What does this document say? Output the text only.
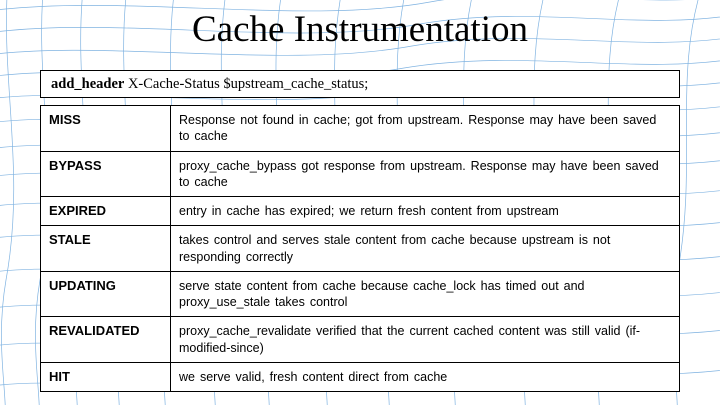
Cache Instrumentation
add_header X-Cache-Status $upstream_cache_status;
MISS	Response not found in cache; got from upstream. Response may have been saved to cache
BYPASS	proxy_cache_bypass got response from upstream. Response may have been saved to cache
EXPIRED	entry in cache has expired; we return fresh content from upstream
STALE	takes control and serves stale content from cache because upstream is not responding correctly
UPDATING	serve state content from cache because cache_lock has timed out and proxy_use_stale takes control
REVALIDATED	proxy_cache_revalidate verified that the current cached content was still valid (if-modified-since)
HIT	we serve valid, fresh content direct from cache
